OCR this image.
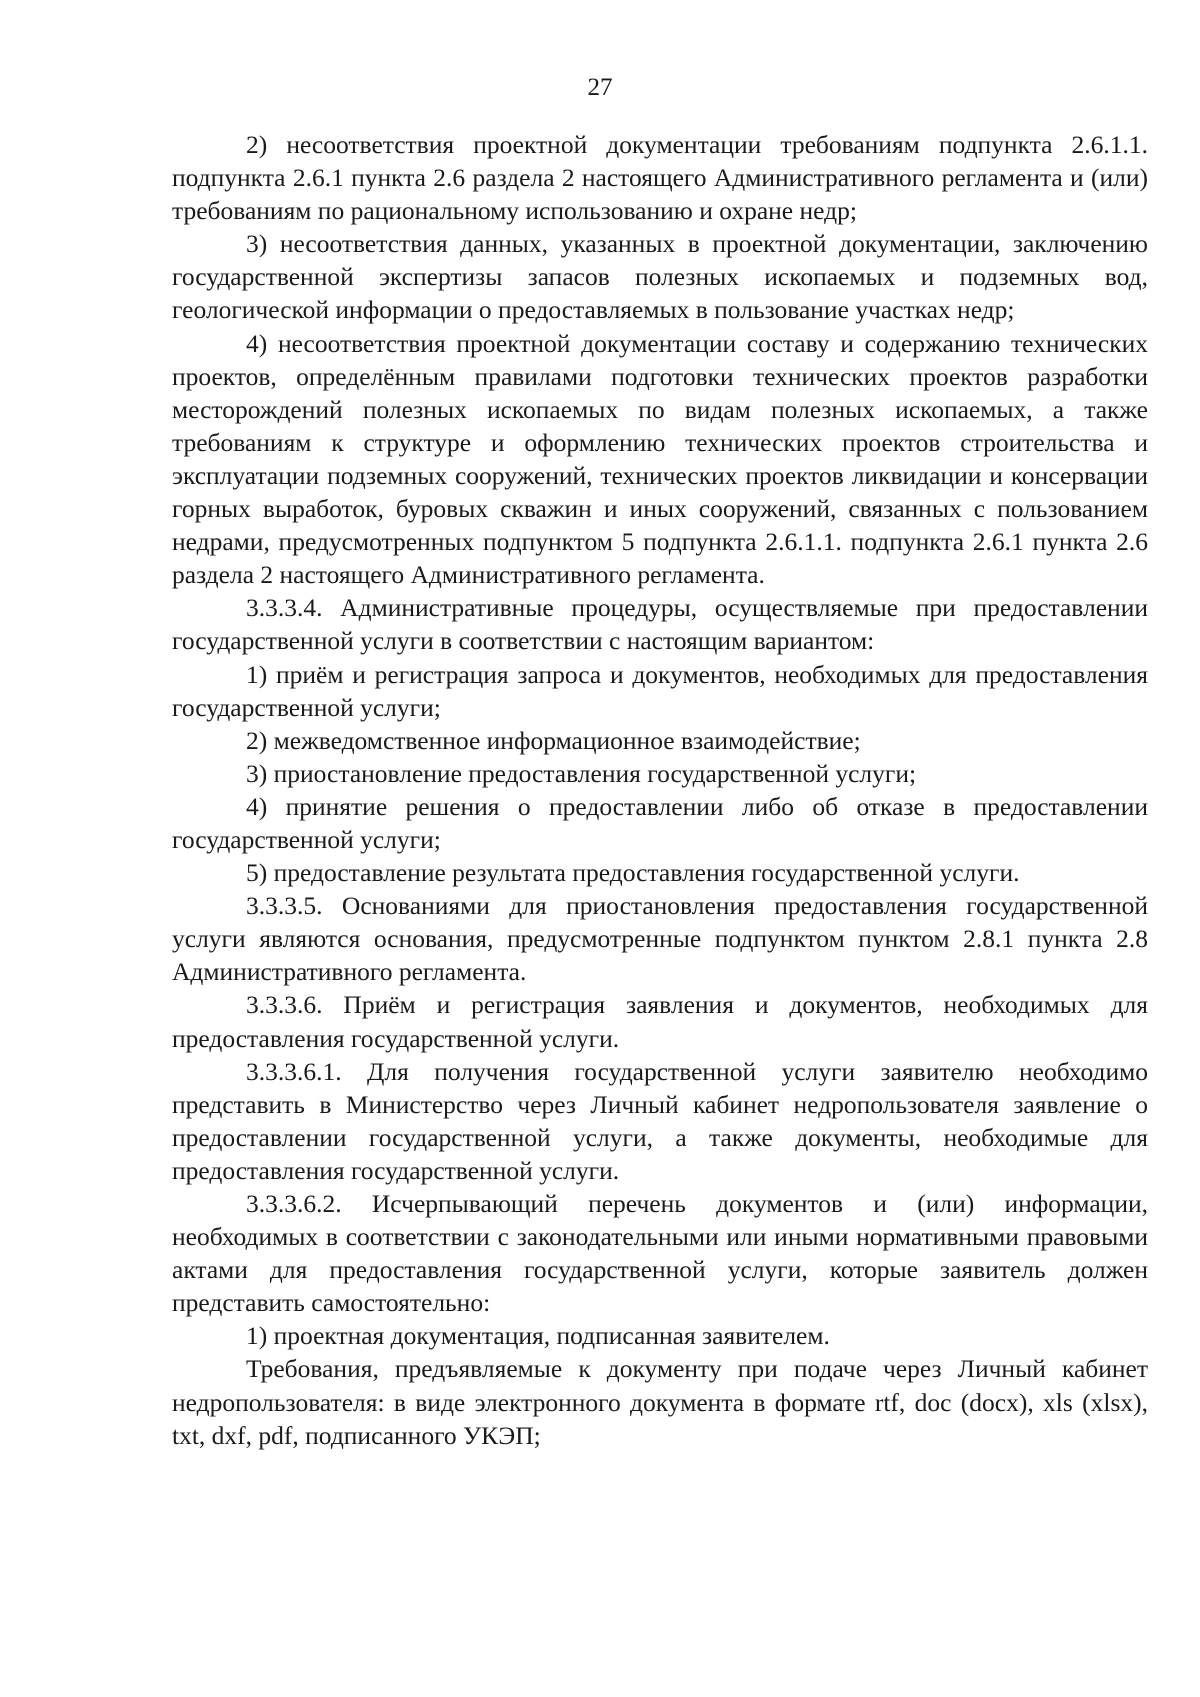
27

2) несоответствия проектной документации требованиям подпункта 2.6.1.1. подпункта 2.6.1 пункта 2.6 раздела 2 настоящего Административного регламента и (или) требованиям по рациональному использованию и охране недр;

3) несоответствия данных, указанных в проектной документации, заключению государственной экспертизы запасов полезных ископаемых и подземных вод, геологической информации о предоставляемых в пользование участках недр;

4) несоответствия проектной документации составу и содержанию технических проектов, определённым правилами подготовки технических проектов разработки месторождений полезных ископаемых по видам полезных ископаемых, а также требованиям к структуре и оформлению технических проектов строительства и эксплуатации подземных сооружений, технических проектов ликвидации и консервации горных выработок, буровых скважин и иных сооружений, связанных с пользованием недрами, предусмотренных подпунктом 5 подпункта 2.6.1.1. подпункта 2.6.1 пункта 2.6 раздела 2 настоящего Административного регламента.

3.3.3.4. Административные процедуры, осуществляемые при предоставлении государственной услуги в соответствии с настоящим вариантом:

1) приём и регистрация запроса и документов, необходимых для предоставления государственной услуги;

2) межведомственное информационное взаимодействие;

3) приостановление предоставления государственной услуги;

4) принятие решения о предоставлении либо об отказе в предоставлении государственной услуги;

5) предоставление результата предоставления государственной услуги.

3.3.3.5. Основаниями для приостановления предоставления государственной услуги являются основания, предусмотренные подпунктом пунктом 2.8.1 пункта 2.8 Административного регламента.

3.3.3.6. Приём и регистрация заявления и документов, необходимых для предоставления государственной услуги.

3.3.3.6.1. Для получения государственной услуги заявителю необходимо представить в Министерство через Личный кабинет недропользователя заявление о предоставлении государственной услуги, а также документы, необходимые для предоставления государственной услуги.

3.3.3.6.2. Исчерпывающий перечень документов и (или) информации, необходимых в соответствии с законодательными или иными нормативными правовыми актами для предоставления государственной услуги, которые заявитель должен представить самостоятельно:

1) проектная документация, подписанная заявителем.

Требования, предъявляемые к документу при подаче через Личный кабинет недропользователя: в виде электронного документа в формате rtf, doc (docx), xls (xlsx), txt, dxf, pdf, подписанного УКЭП;
